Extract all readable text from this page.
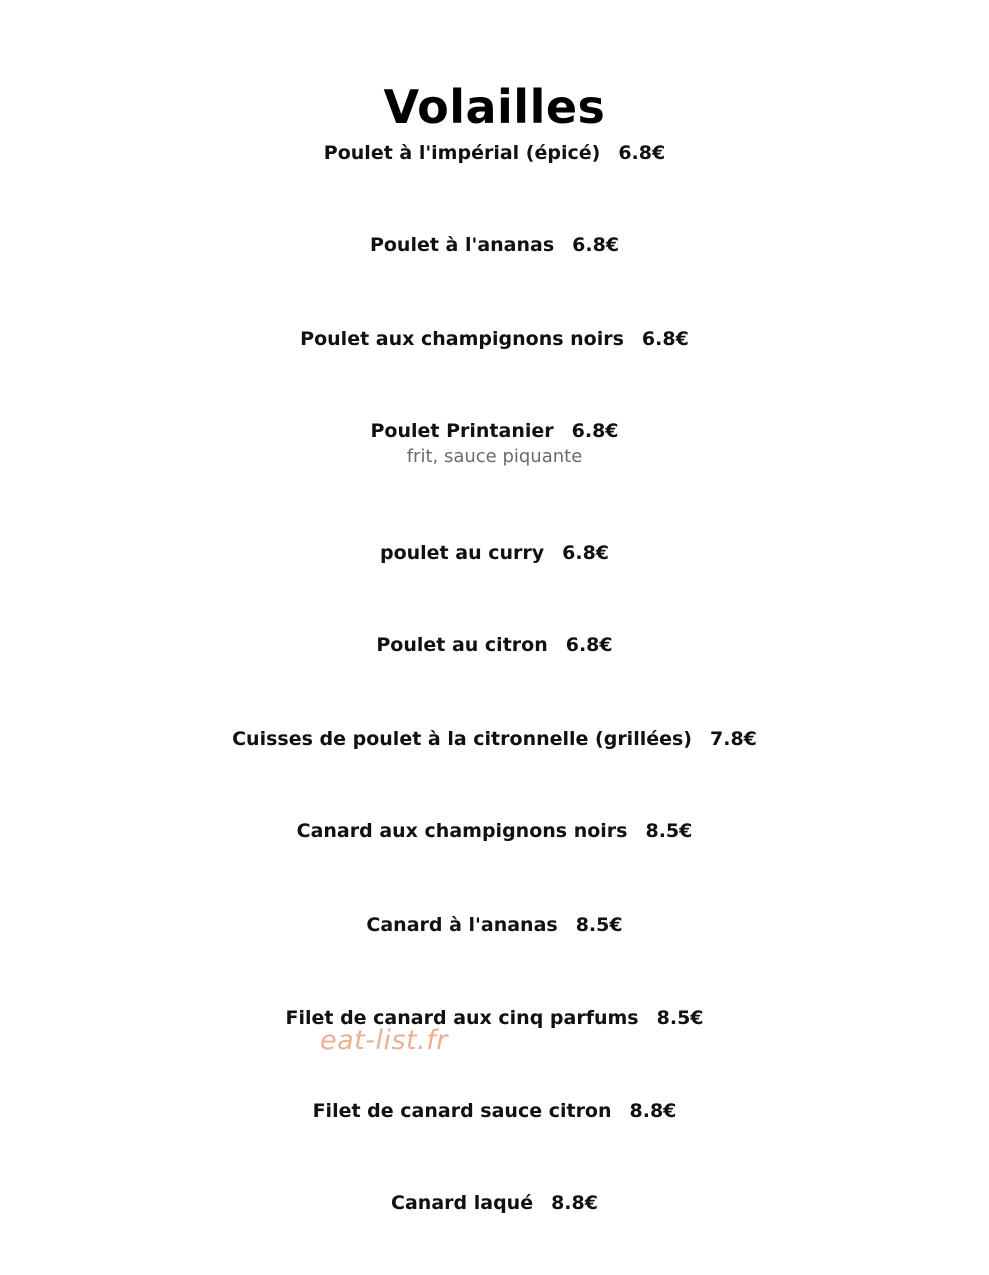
Volailles
Poulet à l'impérial (épicé) 6.8€
Poulet à l'ananas 6.8€
Poulet aux champignons noirs 6.8€
Poulet Printanier 6.8€
frit, sauce piquante
poulet au curry 6.8€
Poulet au citron 6.8€
Cuisses de poulet à la citronnelle (grillées) 7.8€
Canard aux champignons noirs 8.5€
Canard à l'ananas 8.5€
Filet de canard aux cinq parfums 8.5€
Filet de canard sauce citron 8.8€
Canard laqué 8.8€
eat-list.fr
